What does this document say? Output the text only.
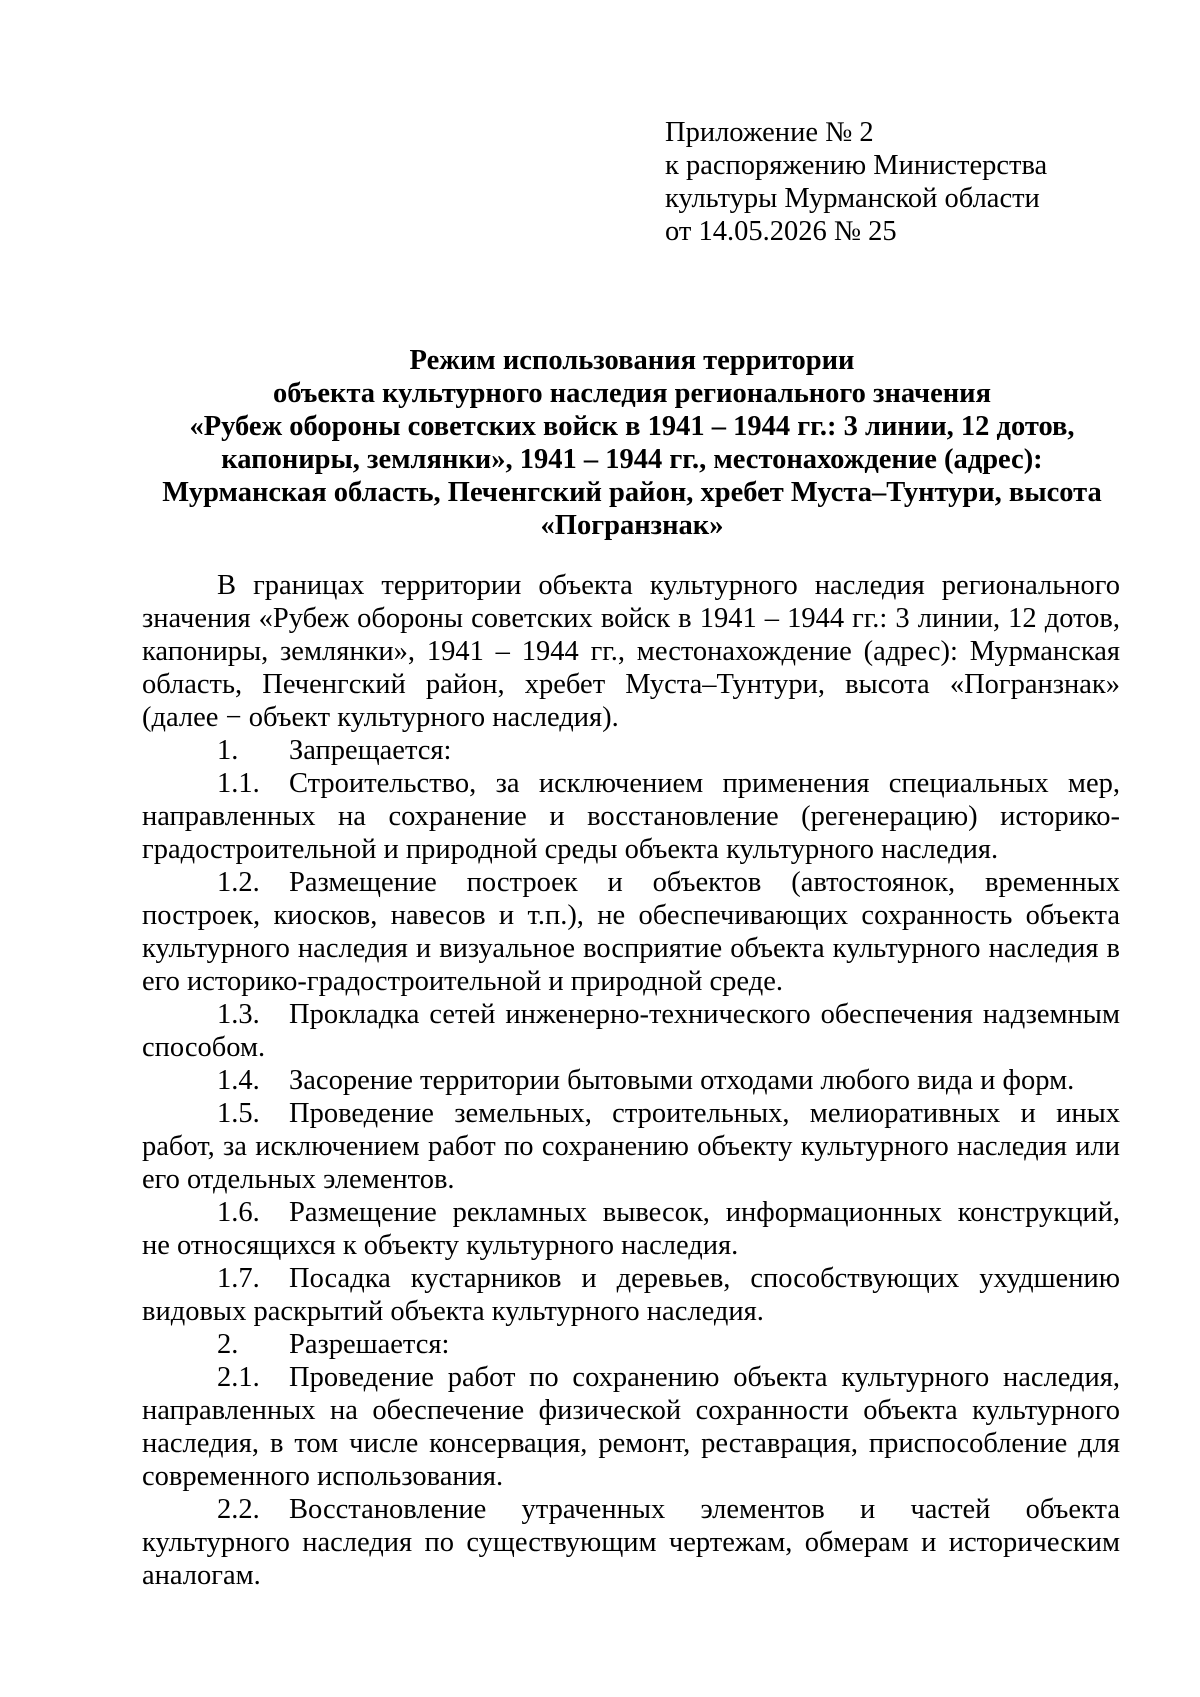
Приложение № 2
к распоряжению Министерства
культуры Мурманской области
от 14.05.2026 № 25
Режим использования территории
объекта культурного наследия регионального значения
«Рубеж обороны советских войск в 1941 – 1944 гг.: 3 линии, 12 дотов,
капониры, землянки», 1941 – 1944 гг., местонахождение (адрес):
Мурманская область, Печенгский район, хребет Муста–Тунтури, высота
«Погранзнак»

В границах территории объекта культурного наследия регионального значения «Рубеж обороны советских войск в 1941 – 1944 гг.: 3 линии, 12 дотов, капониры, землянки», 1941 – 1944 гг., местонахождение (адрес): Мурманская область, Печенгский район, хребет Муста–Тунтури, высота «Погранзнак» (далее − объект культурного наследия).

1. Запрещается:

1.1. Строительство, за исключением применения специальных мер, направленных на сохранение и восстановление (регенерацию) историко-градостроительной и природной среды объекта культурного наследия.

1.2. Размещение построек и объектов (автостоянок, временных построек, киосков, навесов и т.п.), не обеспечивающих сохранность объекта культурного наследия и визуальное восприятие объекта культурного наследия в его историко-градостроительной и природной среде.

1.3. Прокладка сетей инженерно-технического обеспечения надземным способом.

1.4. Засорение территории бытовыми отходами любого вида и форм.

1.5. Проведение земельных, строительных, мелиоративных и иных работ, за исключением работ по сохранению объекту культурного наследия или его отдельных элементов.

1.6. Размещение рекламных вывесок, информационных конструкций, не относящихся к объекту культурного наследия.

1.7. Посадка кустарников и деревьев, способствующих ухудшению видовых раскрытий объекта культурного наследия.

2. Разрешается:

2.1. Проведение работ по сохранению объекта культурного наследия, направленных на обеспечение физической сохранности объекта культурного наследия, в том числе консервация, ремонт, реставрация, приспособление для современного использования.

2.2. Восстановление утраченных элементов и частей объекта культурного наследия по существующим чертежам, обмерам и историческим аналогам.
